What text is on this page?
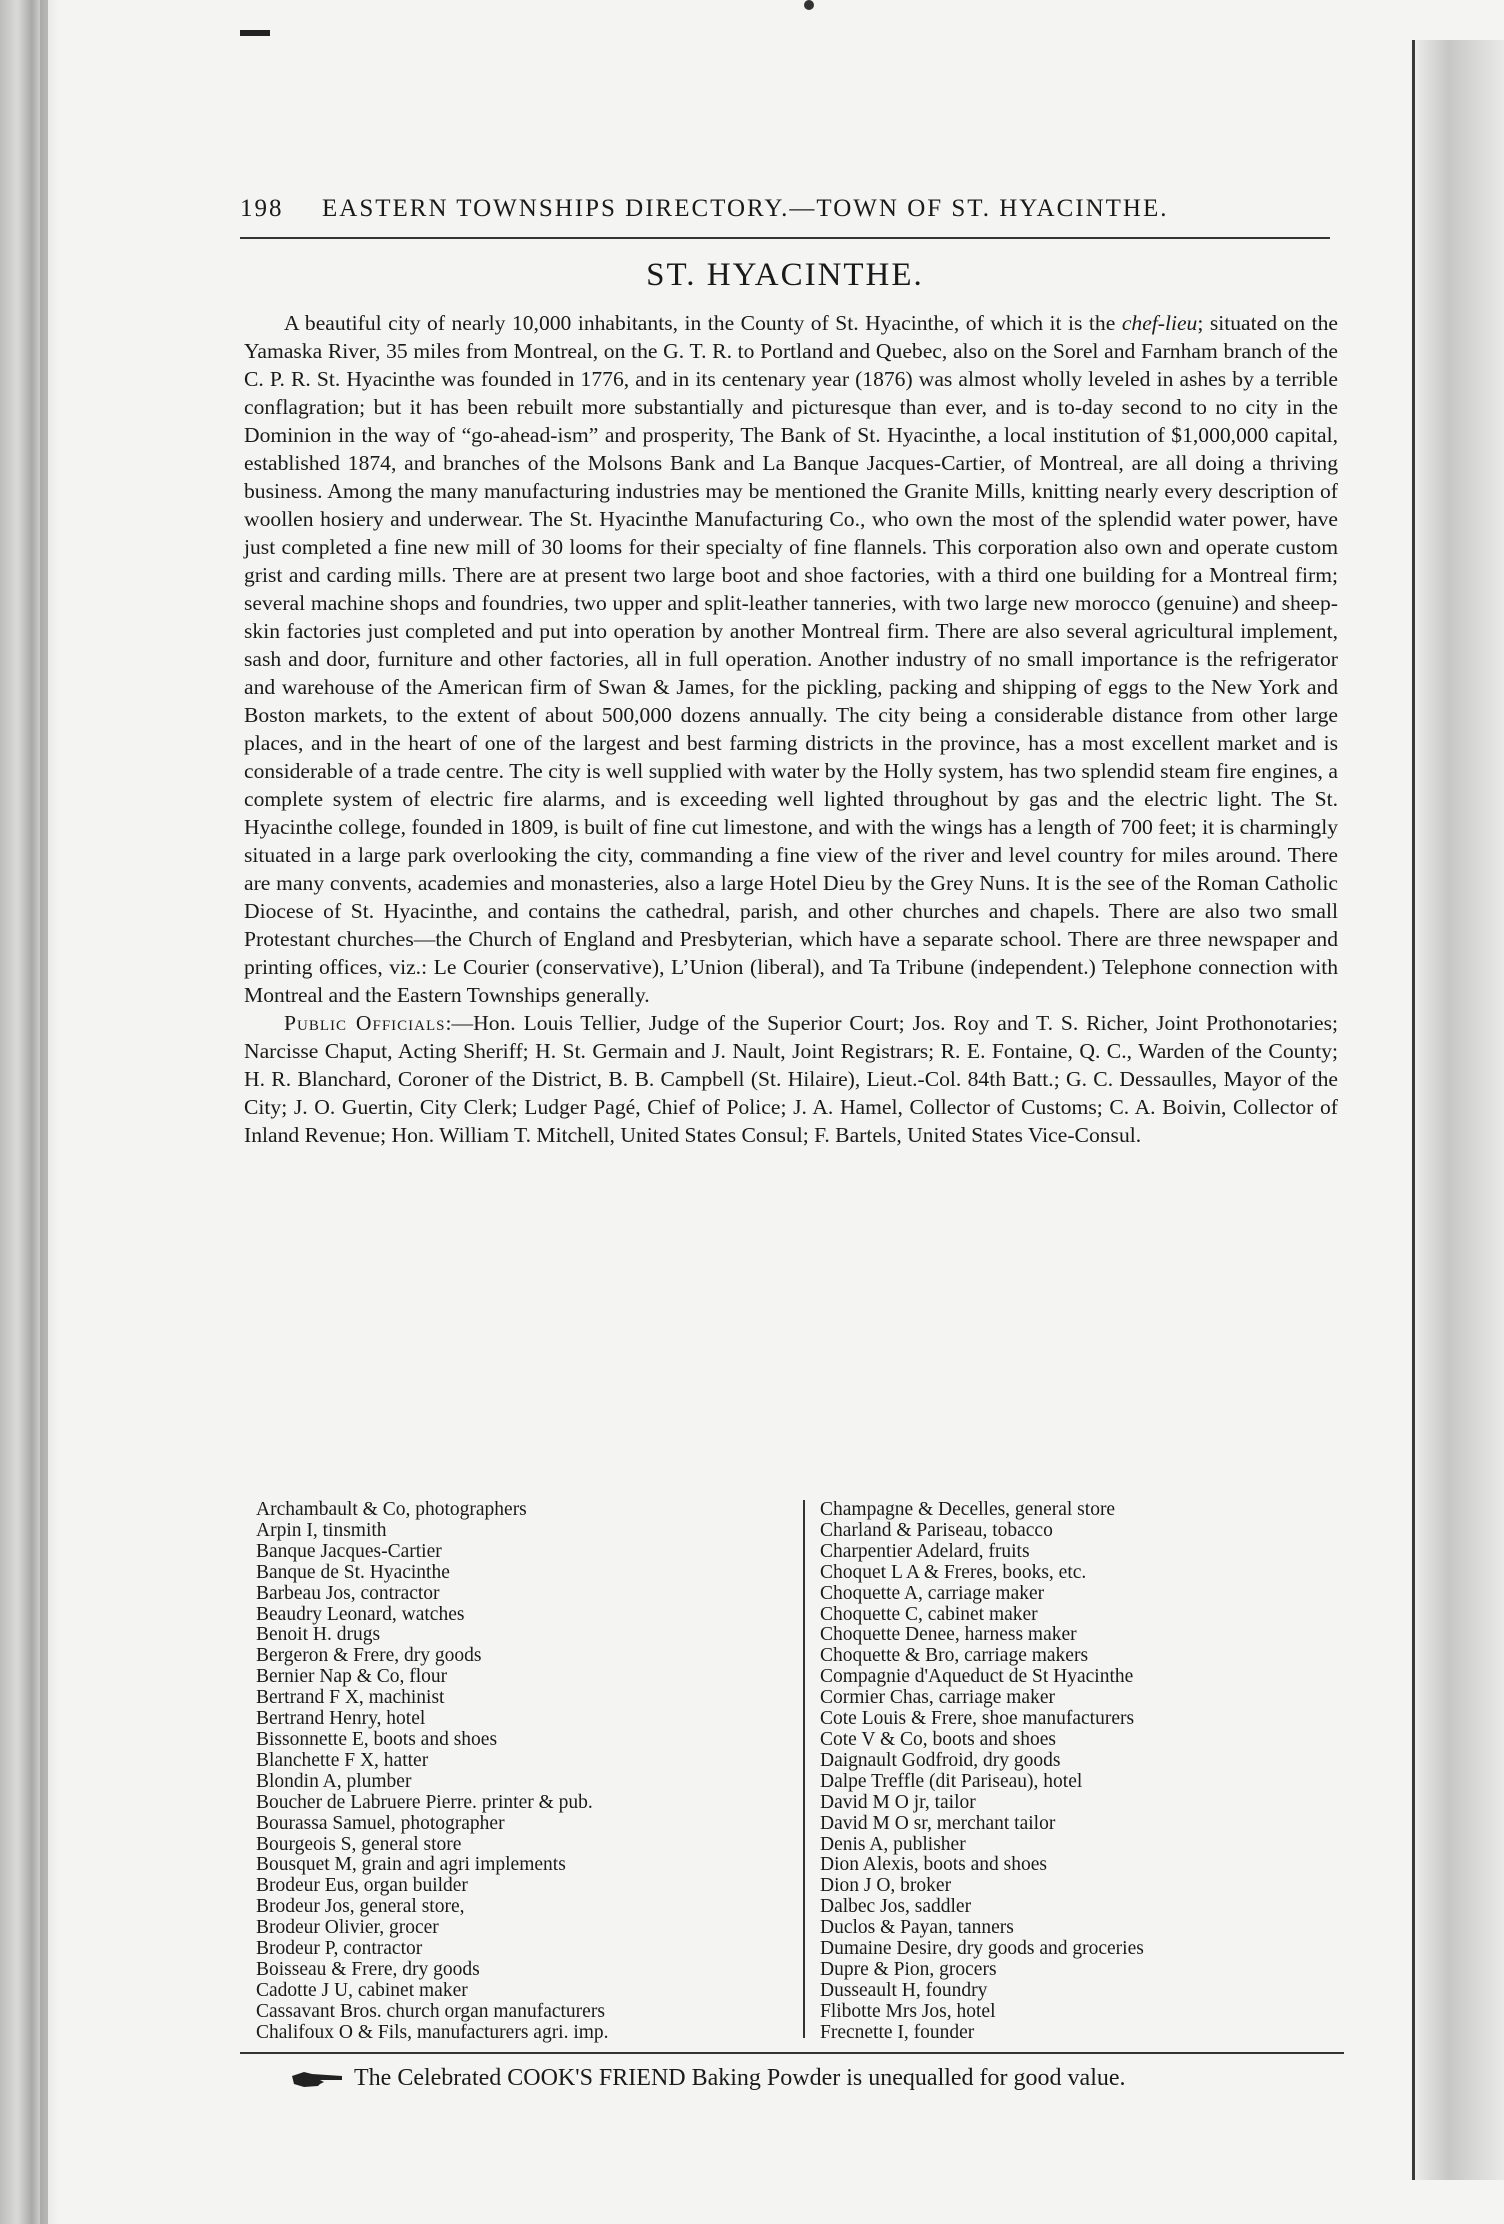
198 EASTERN TOWNSHIPS DIRECTORY.—TOWN OF ST. HYACINTHE.
ST. HYACINTHE.

A beautiful city of nearly 10,000 inhabitants, in the County of St. Hyacinthe, of which it is the chef-lieu; situated on the Yamaska River, 35 miles from Montreal, on the G. T. R. to Portland and Quebec, also on the Sorel and Farnham branch of the C. P. R. St. Hyacinthe was founded in 1776, and in its centenary year (1876) was almost wholly leveled in ashes by a terrible conflagration; but it has been rebuilt more substantially and picturesque than ever, and is to-day second to no city in the Dominion in the way of “go-ahead-ism” and prosperity, The Bank of St. Hyacinthe, a local institution of $1,000,000 capital, established 1874, and branches of the Molsons Bank and La Banque Jacques-Cartier, of Montreal, are all doing a thriving business. Among the many manufacturing industries may be mentioned the Granite Mills, knitting nearly every description of woollen hosiery and underwear. The St. Hyacinthe Manufacturing Co., who own the most of the splendid water power, have just completed a fine new mill of 30 looms for their specialty of fine flannels. This corporation also own and operate custom grist and carding mills. There are at present two large boot and shoe factories, with a third one building for a Montreal firm; several machine shops and foundries, two upper and split-leather tanneries, with two large new morocco (genuine) and sheep-skin factories just completed and put into operation by another Montreal firm. There are also several agricultural implement, sash and door, furniture and other factories, all in full operation. Another industry of no small importance is the refrigerator and warehouse of the American firm of Swan & James, for the pickling, packing and shipping of eggs to the New York and Boston markets, to the extent of about 500,000 dozens annually. The city being a considerable distance from other large places, and in the heart of one of the largest and best farming districts in the province, has a most excellent market and is considerable of a trade centre. The city is well supplied with water by the Holly system, has two splendid steam fire engines, a complete system of electric fire alarms, and is exceeding well lighted throughout by gas and the electric light. The St. Hyacinthe college, founded in 1809, is built of fine cut limestone, and with the wings has a length of 700 feet; it is charmingly situated in a large park overlooking the city, commanding a fine view of the river and level country for miles around. There are many convents, academies and monasteries, also a large Hotel Dieu by the Grey Nuns. It is the see of the Roman Catholic Diocese of St. Hyacinthe, and contains the cathedral, parish, and other churches and chapels. There are also two small Protestant churches—the Church of England and Presbyterian, which have a separate school. There are three newspaper and printing offices, viz.: Le Courier (conservative), L’Union (liberal), and Ta Tribune (independent.) Telephone connection with Montreal and the Eastern Townships generally.

Public Officials:—Hon. Louis Tellier, Judge of the Superior Court; Jos. Roy and T. S. Richer, Joint Prothonotaries; Narcisse Chaput, Acting Sheriff; H. St. Germain and J. Nault, Joint Registrars; R. E. Fontaine, Q. C., Warden of the County; H. R. Blanchard, Coroner of the District, B. B. Campbell (St. Hilaire), Lieut.-Col. 84th Batt.; G. C. Dessaulles, Mayor of the City; J. O. Guertin, City Clerk; Ludger Pagé, Chief of Police; J. A. Hamel, Collector of Customs; C. A. Boivin, Collector of Inland Revenue; Hon. William T. Mitchell, United States Consul; F. Bartels, United States Vice-Consul.

Archambault & Co, photographers
Arpin I, tinsmith
Banque Jacques-Cartier
Banque de St. Hyacinthe
Barbeau Jos, contractor
Beaudry Leonard, watches
Benoit H. drugs
Bergeron & Frere, dry goods
Bernier Nap & Co, flour
Bertrand F X, machinist
Bertrand Henry, hotel
Bissonnette E, boots and shoes
Blanchette F X, hatter
Blondin A, plumber
Boucher de Labruere Pierre. printer & pub.
Bourassa Samuel, photographer
Bourgeois S, general store
Bousquet M, grain and agri implements
Brodeur Eus, organ builder
Brodeur Jos, general store,
Brodeur Olivier, grocer
Brodeur P, contractor
Boisseau & Frere, dry goods
Cadotte J U, cabinet maker
Cassavant Bros. church organ manufacturers
Chalifoux O & Fils, manufacturers agri. imp.
Champagne & Decelles, general store
Charland & Pariseau, tobacco
Charpentier Adelard, fruits
Choquet L A & Freres, books, etc.
Choquette A, carriage maker
Choquette C, cabinet maker
Choquette Denee, harness maker
Choquette & Bro, carriage makers
Compagnie d'Aqueduct de St Hyacinthe
Cormier Chas, carriage maker
Cote Louis & Frere, shoe manufacturers
Cote V & Co, boots and shoes
Daignault Godfroid, dry goods
Dalpe Treffle (dit Pariseau), hotel
David M O jr, tailor
David M O sr, merchant tailor
Denis A, publisher
Dion Alexis, boots and shoes
Dion J O, broker
Dalbec Jos, saddler
Duclos & Payan, tanners
Dumaine Desire, dry goods and groceries
Dupre & Pion, grocers
Dusseault H, foundry
Flibotte Mrs Jos, hotel
Frecnette I, founder
The Celebrated COOK'S FRIEND Baking Powder is unequalled for good value.
